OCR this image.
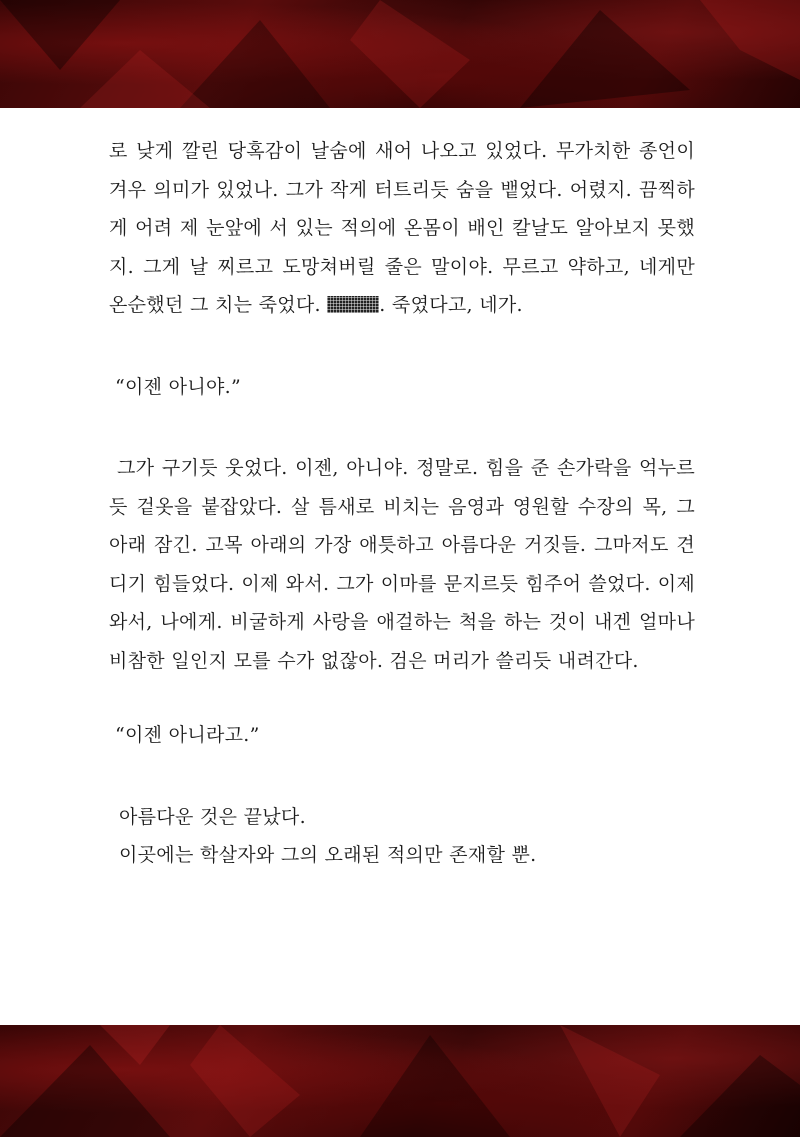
로 낮게 깔린 당혹감이 날숨에 새어 나오고 있었다. 무가치한 종언이 겨우 의미가 있었나. 그가 작게 터트리듯 숨을 뱉었다. 어렸지. 끔찍하게 어려 제 눈앞에 서 있는 적의에 온몸이 배인 칼날도 알아보지 못했지. 그게 날 찌르고 도망쳐버릴 줄은 말이야. 무르고 약하고, 네게만 온순했던 그 치는 죽었다.	. 죽였다고, 네가.

“이젠 아니야.”

그가 구기듯 웃었다. 이젠, 아니야. 정말로. 힘을 준 손가락을 억누르듯 겉옷을 붙잡았다. 살 틈새로 비치는 음영과 영원할 수장의 목, 그 아래 잠긴. 고목 아래의 가장 애틋하고 아름다운 거짓들. 그마저도 견디기 힘들었다. 이제 와서. 그가 이마를 문지르듯 힘주어 쓸었다. 이제 와서, 나에게. 비굴하게 사랑을 애걸하는 척을 하는 것이 내겐 얼마나 비참한 일인지 모를 수가 없잖아. 검은 머리가 쓸리듯 내려간다.

“이젠 아니라고.”

아름다운 것은 끝났다.

이곳에는 학살자와 그의 오래된 적의만 존재할 뿐.
